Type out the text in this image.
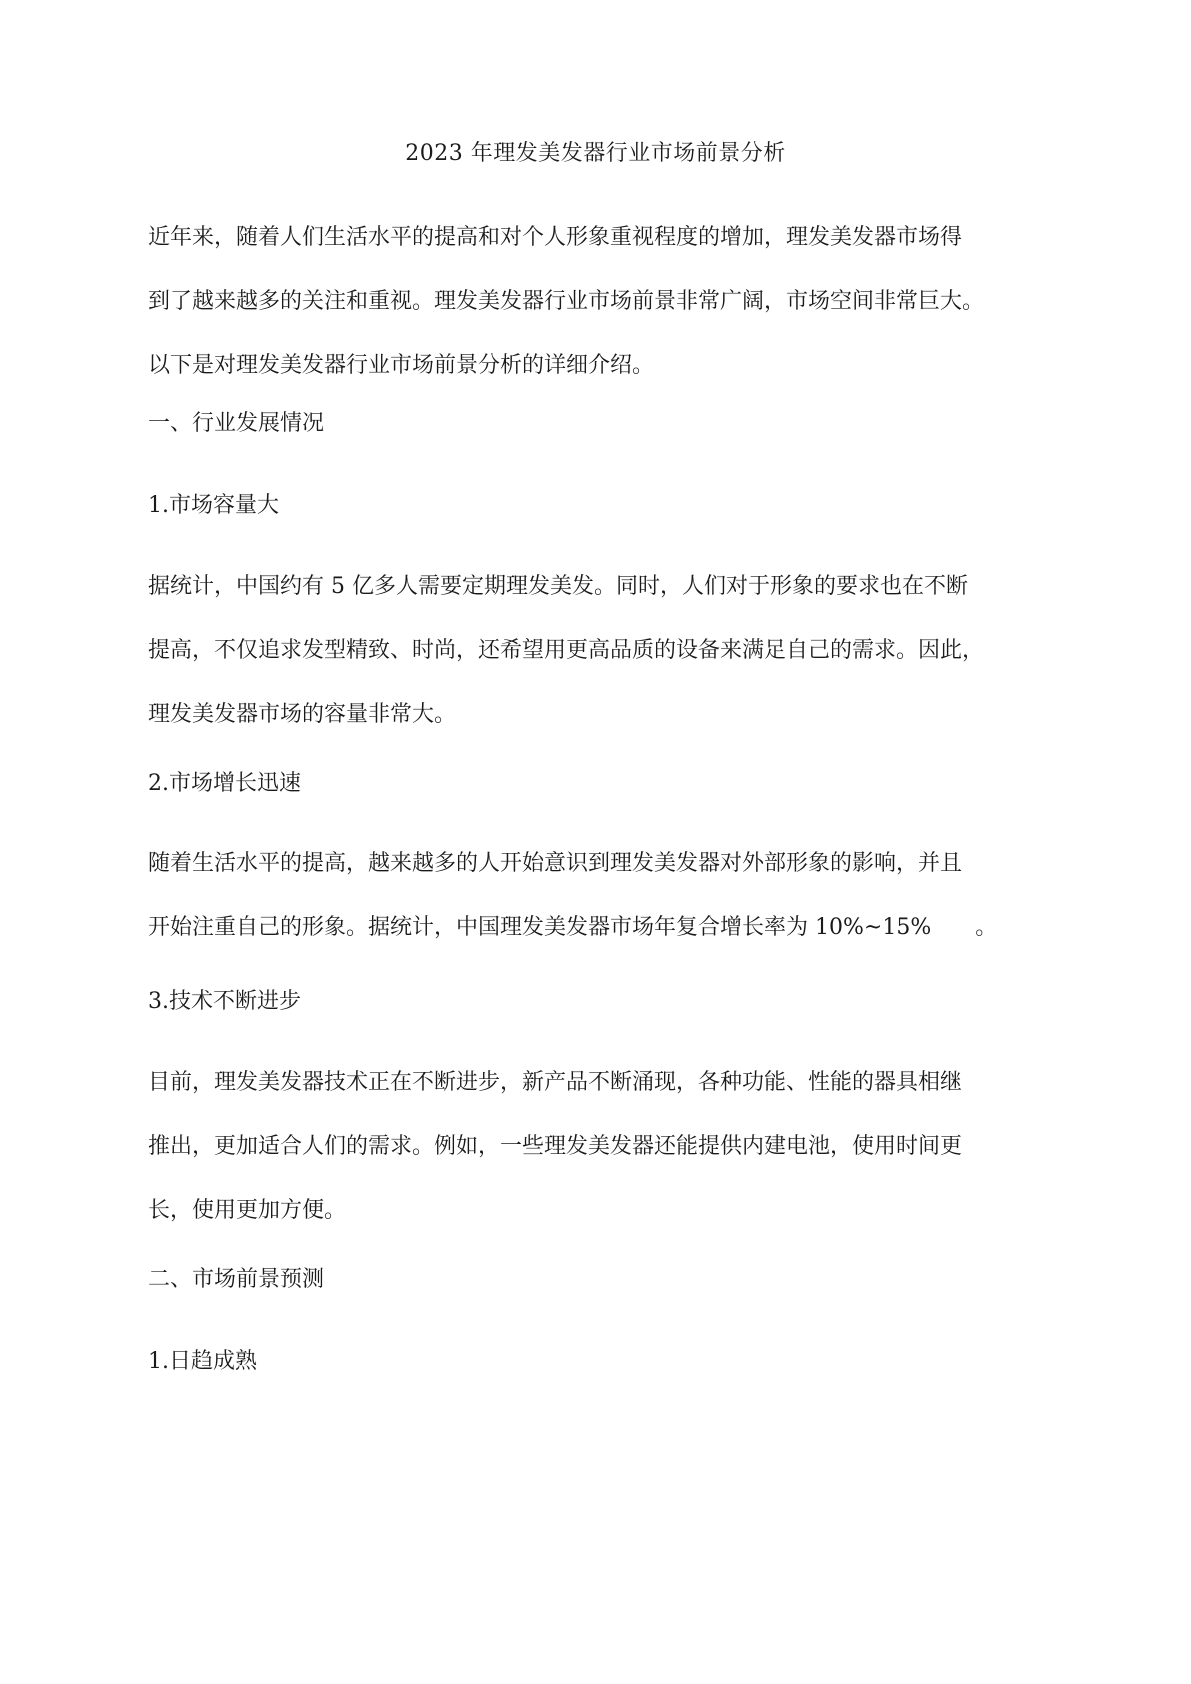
2023 年理发美发器行业市场前景分析

近年来，随着人们生活水平的提高和对个人形象重视程度的增加，理发美发器市场得
到了越来越多的关注和重视。理发美发器行业市场前景非常广阔，市场空间非常巨大。
以下是对理发美发器行业市场前景分析的详细介绍。

一、行业发展情况
1.市场容量大

据统计，中国约有 5 亿多人需要定期理发美发。同时，人们对于形象的要求也在不断
提高，不仅追求发型精致、时尚，还希望用更高品质的设备来满足自己的需求。因此，
理发美发器市场的容量非常大。

2.市场增长迅速

随着生活水平的提高，越来越多的人开始意识到理发美发器对外部形象的影响，并且
开始注重自己的形象。据统计，中国理发美发器市场年复合增长率为 10%~15% 。

3.技术不断进步

目前，理发美发器技术正在不断进步，新产品不断涌现，各种功能、性能的器具相继
推出，更加适合人们的需求。例如，一些理发美发器还能提供内建电池，使用时间更
长，使用更加方便。

二、市场前景预测
1.日趋成熟
